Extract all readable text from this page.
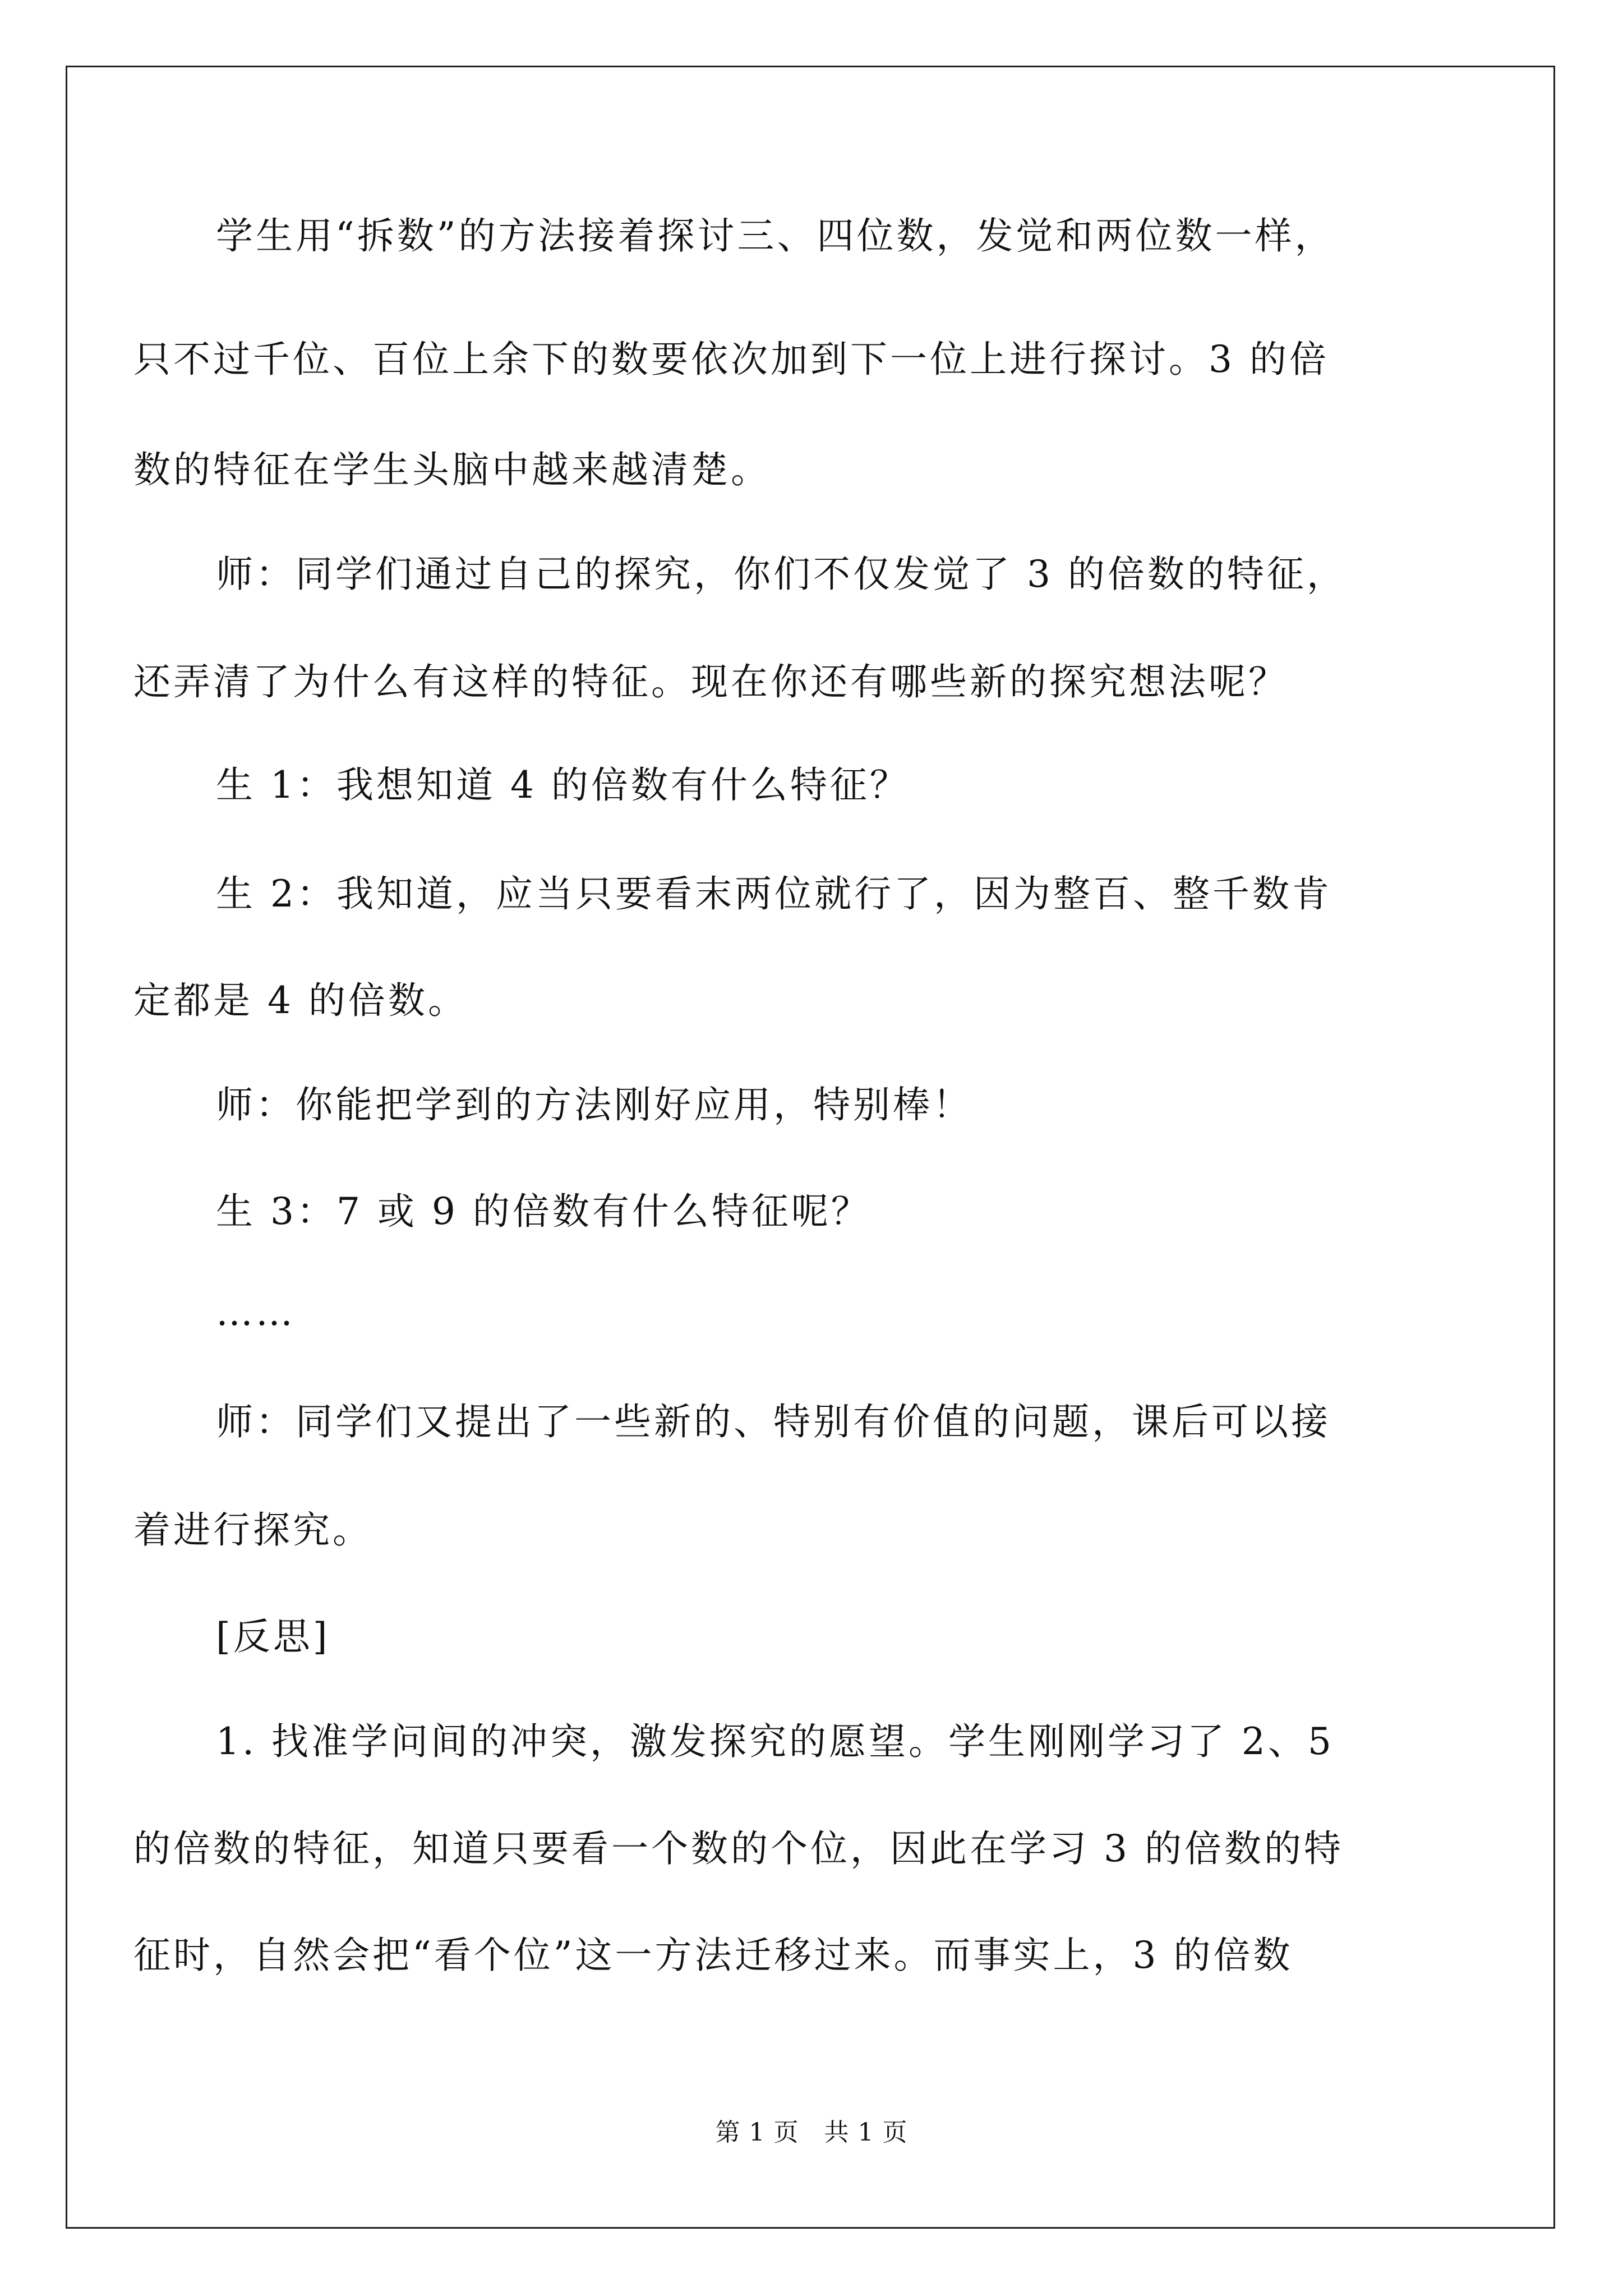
学生用“拆数”的方法接着探讨三、四位数，发觉和两位数一样，
只不过千位、百位上余下的数要依次加到下一位上进行探讨。3 的倍
数的特征在学生头脑中越来越清楚。
师：同学们通过自己的探究，你们不仅发觉了 3 的倍数的特征，
还弄清了为什么有这样的特征。现在你还有哪些新的探究想法呢？
生 1：我想知道 4 的倍数有什么特征？
生 2：我知道，应当只要看末两位就行了，因为整百、整千数肯
定都是 4 的倍数。
师：你能把学到的方法刚好应用，特别棒！
生 3：7 或 9 的倍数有什么特征呢？
……
师：同学们又提出了一些新的、特别有价值的问题，课后可以接
着进行探究。
[反思]
1. 找准学问间的冲突，激发探究的愿望。学生刚刚学习了 2、5
的倍数的特征，知道只要看一个数的个位，因此在学习 3 的倍数的特
征时，自然会把“看个位”这一方法迁移过来。而事实上，3 的倍数
第 1 页　共 1 页
